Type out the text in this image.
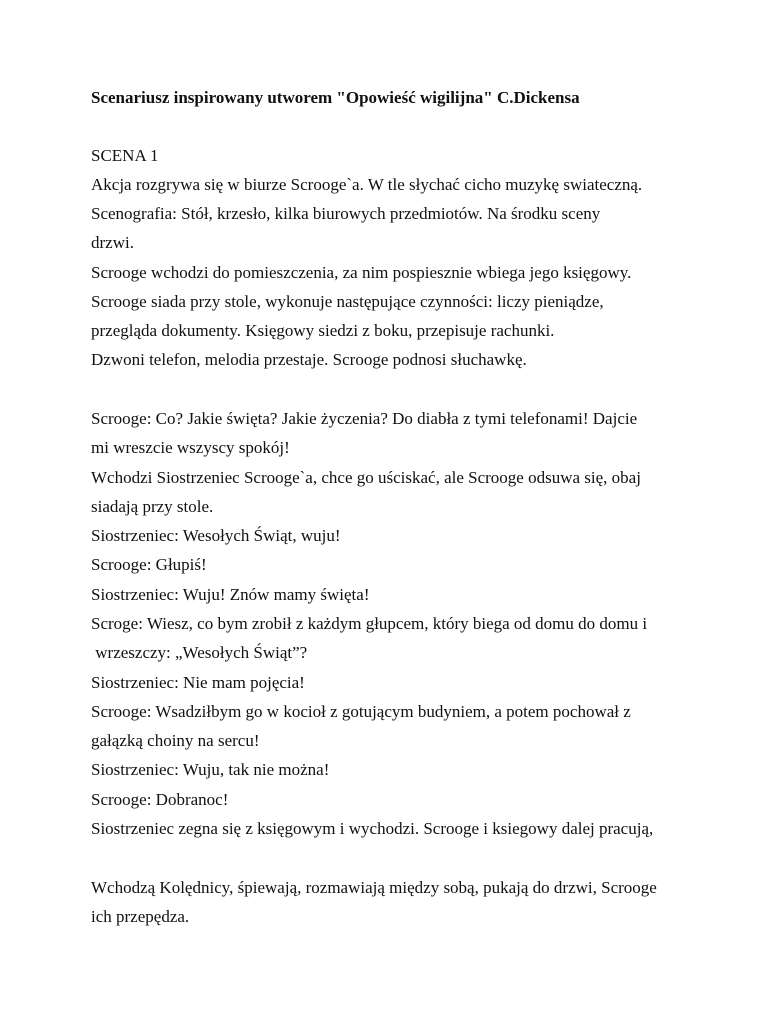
Scenariusz inspirowany utworem "Opowieść wigilijna" C.Dickensa

SCENA 1

Akcja rozgrywa się w biurze Scrooge`a. W tle słychać cicho muzykę swiateczną.

Scenografia: Stół, krzesło, kilka biurowych przedmiotów. Na środku sceny

drzwi.

Scrooge wchodzi do pomieszczenia, za nim pospiesznie wbiega jego księgowy.

Scrooge siada przy stole, wykonuje następujące czynności: liczy pieniądze,

przegląda dokumenty. Księgowy siedzi z boku, przepisuje rachunki.

Dzwoni telefon, melodia przestaje. Scrooge podnosi słuchawkę.

Scrooge: Co? Jakie święta? Jakie życzenia? Do diabła z tymi telefonami! Dajcie

mi wreszcie wszyscy spokój!

Wchodzi Siostrzeniec Scrooge`a, chce go uściskać, ale Scrooge odsuwa się, obaj

siadają przy stole.

Siostrzeniec: Wesołych Świąt, wuju!

Scrooge: Głupiś!

Siostrzeniec: Wuju! Znów mamy święta!

Scroge: Wiesz, co bym zrobił z każdym głupcem, który biega od domu do domu i

wrzeszczy: „Wesołych Świąt”?

Siostrzeniec: Nie mam pojęcia!

Scrooge: Wsadziłbym go w kocioł z gotującym budyniem, a potem pochował z

gałązką choiny na sercu!

Siostrzeniec: Wuju, tak nie można!

Scrooge: Dobranoc!

Siostrzeniec zegna się z księgowym i wychodzi. Scrooge i ksiegowy dalej pracują,

Wchodzą Kolędnicy, śpiewają, rozmawiają między sobą, pukają do drzwi, Scrooge

ich przepędza.
